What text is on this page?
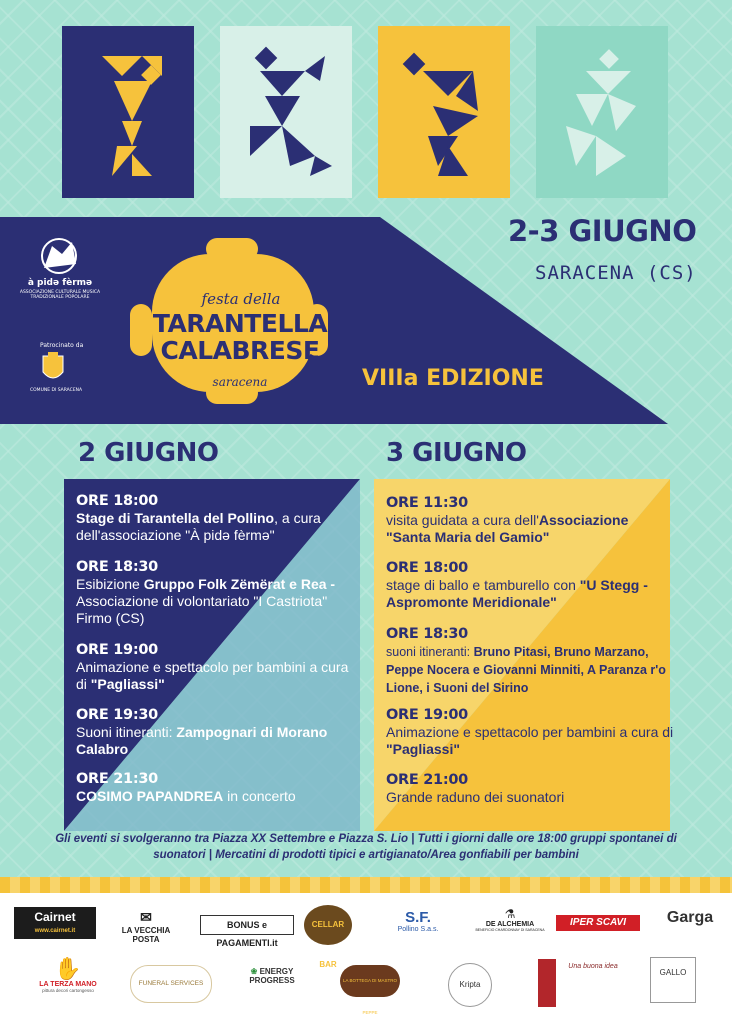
à pidə fèrmə
ASSOCIAZIONE CULTURALE MUSICA TRADIZIONALE POPOLARE
Patrocinato da
COMUNE DI SARACENA
festa della
TARANTELLA
CALABRESE
saracena
2-3 GIUGNO
SARACENA (CS)
VIIIa EDIZIONE
2 GIUGNO	3 GIUGNO
ORE 18:00
Stage di Tarantella del Pollino, a cura dell'associazione "À pidə fèrmə"
ORE 18:30
Esibizione Gruppo Folk Zëmërat e Rea - Associazione di volontariato "I Castriota" Firmo (CS)
ORE 19:00
Animazione e spettacolo per bambini a cura di "Pagliassi"
ORE 19:30
Suoni itineranti: Zampognari di Morano Calabro
ORE 21:30
COSIMO PAPANDREA in concerto
ORE 11:30
visita guidata a cura dell'Associazione "Santa Maria del Gamio"
ORE 18:00
stage di ballo e tamburello con "U Stegg - Aspromonte Meridionale"
ORE 18:30
suoni itineranti: Bruno Pitasi, Bruno Marzano, Peppe Nocera e Giovanni Minniti, A Paranza r'o Lione, i Suoni del Sirino
ORE 19:00
Animazione e spettacolo per bambini a cura di "Pagliassi"
ORE 21:00
Grande raduno dei suonatori
Gli eventi si svolgeranno tra Piazza XX Settembre e Piazza S. Lio | Tutti i giorni dalle ore 18:00 gruppi spontanei di suonatori | Mercatini di prodotti tipici e artigianato/Area gonfiabili per bambini
Cairnet
www.cairnet.it
✉
LA VECCHIA POSTA
BONUS e PAGAMENTI.it
CELLAR BAR
S.F.
Pollino S.a.s.
⚗
DE ALCHEMIA
BENEFICIO CHARDONNAY DI SARACENA
IPER SCAVI	Garga
✋
LA TERZA MANO
pittura decori cartongesso
FUNERAL SERVICES
❀ ENERGY PROGRESS	LA BOTTEGA DI MASTRO PEPPE
Kripta
Una buona idea
GALLO
